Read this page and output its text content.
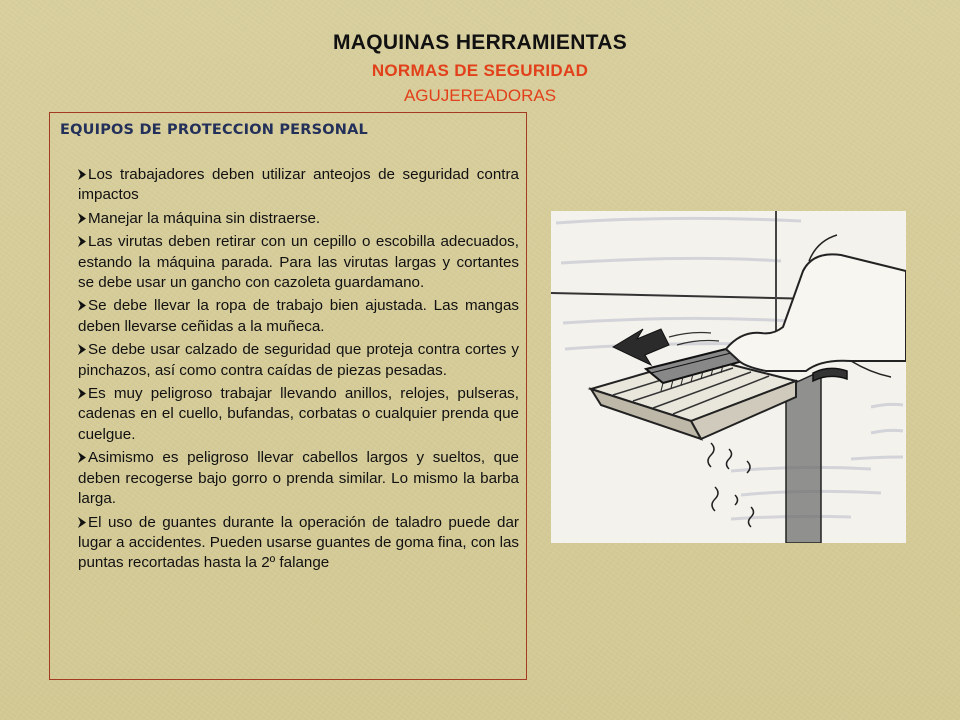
MAQUINAS HERRAMIENTAS
NORMAS DE SEGURIDAD
AGUJEREADORAS
EQUIPOS DE PROTECCION PERSONAL
Los trabajadores deben utilizar anteojos de seguridad contra impactos
Manejar la máquina sin distraerse.
Las virutas deben retirar con un cepillo o escobilla adecuados, estando la máquina parada. Para las virutas largas y cortantes se debe usar un gancho con cazoleta guardamano.
Se debe llevar la ropa de trabajo bien ajustada. Las mangas deben llevarse ceñidas a la muñeca.
Se debe usar calzado de seguridad que proteja contra cortes y pinchazos, así como contra caídas de piezas pesadas.
Es muy peligroso trabajar llevando anillos, relojes, pulseras, cadenas en el cuello, bufandas, corbatas o cualquier prenda que cuelgue.
Asimismo es peligroso llevar cabellos largos y sueltos, que deben recogerse bajo gorro o prenda similar. Lo mismo la barba larga.
El uso de guantes durante la operación de taladro puede dar lugar a accidentes. Pueden usarse guantes de goma fina, con las puntas recortadas hasta la 2º falange
